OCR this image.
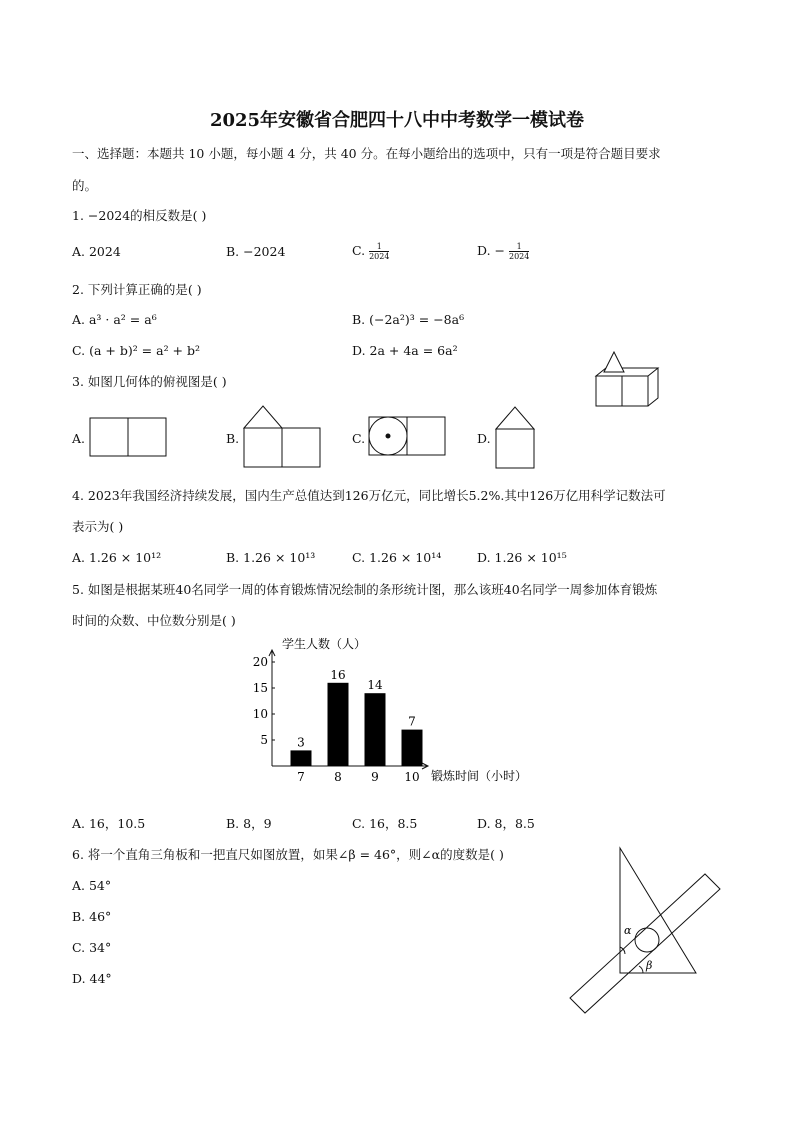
2025年安徽省合肥四十八中中考数学一模试卷
一、选择题：本题共 10 小题，每小题 4 分，共 40 分。在每小题给出的选项中，只有一项是符合题目要求
的。
1. −2024的相反数是( )
A. 2024	B. −2024	C. $\frac{1}{2024}$	D. − $\frac{1}{2024}$
2. 下列计算正确的是( )
A. a³ · a² = a⁶	B. (−2a²)³ = −8a⁶
C. (a + b)² = a² + b²	D. 2a + 4a = 6a²
3. 如图几何体的俯视图是( )
A.	B.	C.	D.
4. 2023年我国经济持续发展，国内生产总值达到126万亿元，同比增长5.2%.其中126万亿用科学记数法可
表示为( )
A. 1.26 × 10¹²	B. 1.26 × 10¹³	C. 1.26 × 10¹⁴	D. 1.26 × 10¹⁵
5. 如图是根据某班40名同学一周的体育锻炼情况绘制的条形统计图，那么该班40名同学一周参加体育锻炼
时间的众数、中位数分别是( )
学生人数（人）
锻炼时间（小时）
5
10
15
20
3
7
16
8
14
9
7
10
A. 16，10.5	B. 8，9	C. 16，8.5	D. 8，8.5
6. 将一个直角三角板和一把直尺如图放置，如果∠β = 46°，则∠α的度数是( )
A. 54°
B. 46°
C. 34°
D. 44°
α
β
